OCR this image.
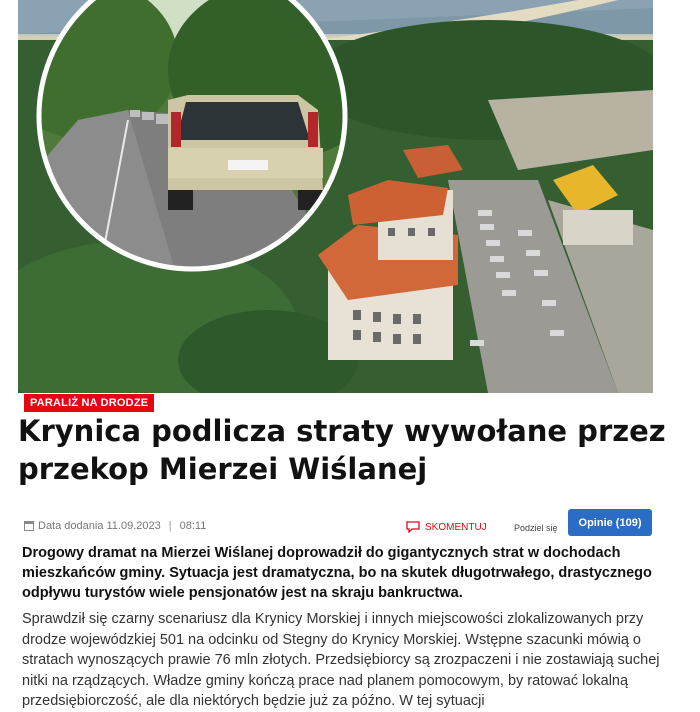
PARALIŻ NA DRODZE
Krynica podlicza straty wywołane przez przekop Mierzei Wiślanej
Data dodania 11.09.2023 | 08:11	SKOMENTUJ	Podziel się	Opinie (109)

Drogowy dramat na Mierzei Wiślanej doprowadził do gigantycznych strat w dochodach mieszkańców gminy. Sytuacja jest dramatyczna, bo na skutek długotrwałego, drastycznego odpływu turystów wiele pensjonatów jest na skraju bankructwa.

Sprawdził się czarny scenariusz dla Krynicy Morskiej i innych miejscowości zlokalizowanych przy drodze wojewódzkiej 501 na odcinku od Stegny do Krynicy Morskiej. Wstępne szacunki mówią o stratach wynoszących prawie 76 mln złotych. Przedsiębiorcy są zrozpaczeni i nie zostawiają suchej nitki na rządzących. Władze gminy kończą prace nad planem pomocowym, by ratować lokalną przedsiębiorczość, ale dla niektórych będzie już za późno. W tej sytuacji
